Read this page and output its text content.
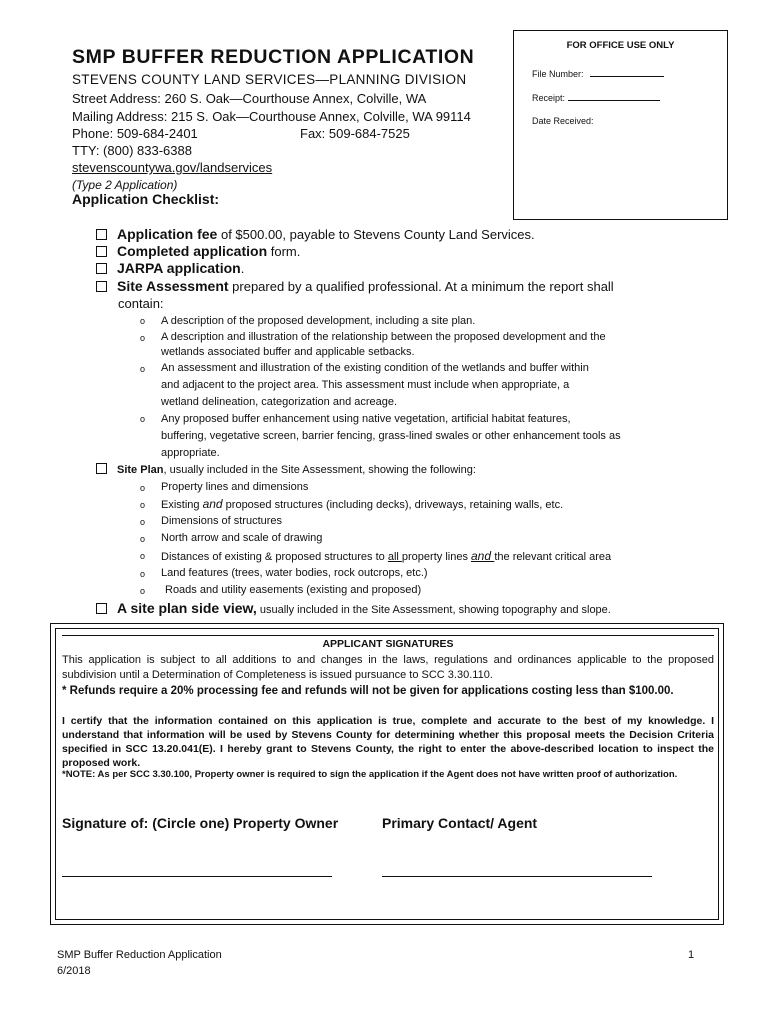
SMP BUFFER REDUCTION APPLICATION
STEVENS COUNTY LAND SERVICES—PLANNING DIVISION
Street Address: 260 S. Oak—Courthouse Annex, Colville, WA
Mailing Address: 215 S. Oak—Courthouse Annex, Colville, WA 99114
Phone: 509-684-2401	Fax: 509-684-7525
TTY: (800) 833-6388
stevenscountywa.gov/landservices
(Type 2 Application)
Application Checklist:
FOR OFFICE USE ONLY
File Number:
Receipt:
Date Received:
Application fee of $500.00, payable to Stevens County Land Services.
Completed application form.
JARPA application.
Site Assessment prepared by a qualified professional. At a minimum the report shall
contain:
o A description of the proposed development, including a site plan.
o A description and illustration of the relationship between the proposed development and the
wetlands associated buffer and applicable setbacks.
o An assessment and illustration of the existing condition of the wetlands and buffer within
and adjacent to the project area. This assessment must include when appropriate, a
wetland delineation, categorization and acreage.
o Any proposed buffer enhancement using native vegetation, artificial habitat features,
buffering, vegetative screen, barrier fencing, grass-lined swales or other enhancement tools as
appropriate.
Site Plan, usually included in the Site Assessment, showing the following:
o Property lines and dimensions
o Existing and proposed structures (including decks), driveways, retaining walls, etc.
o Dimensions of structures
o North arrow and scale of drawing
o Distances of existing & proposed structures to all property lines and the relevant critical area
o Land features (trees, water bodies, rock outcrops, etc.)
o Roads and utility easements (existing and proposed)
A site plan side view, usually included in the Site Assessment, showing topography and slope.
APPLICANT SIGNATURES
This application is subject to all additions to and changes in the laws, regulations and ordinances applicable to the proposed subdivision until a Determination of Completeness is issued pursuance to SCC 3.30.110.
* Refunds require a 20% processing fee and refunds will not be given for applications costing less than $100.00.
I certify that the information contained on this application is true, complete and accurate to the best of my knowledge. I understand that information will be used by Stevens County for determining whether this proposal meets the Decision Criteria specified in SCC 13.20.041(E). I hereby grant to Stevens County, the right to enter the above-described location to inspect the proposed work.
*NOTE: As per SCC 3.30.100, Property owner is required to sign the application if the Agent does not have written proof of authorization.
Signature of: (Circle one) Property Owner	Primary Contact/ Agent
SMP Buffer Reduction Application
6/2018
1
